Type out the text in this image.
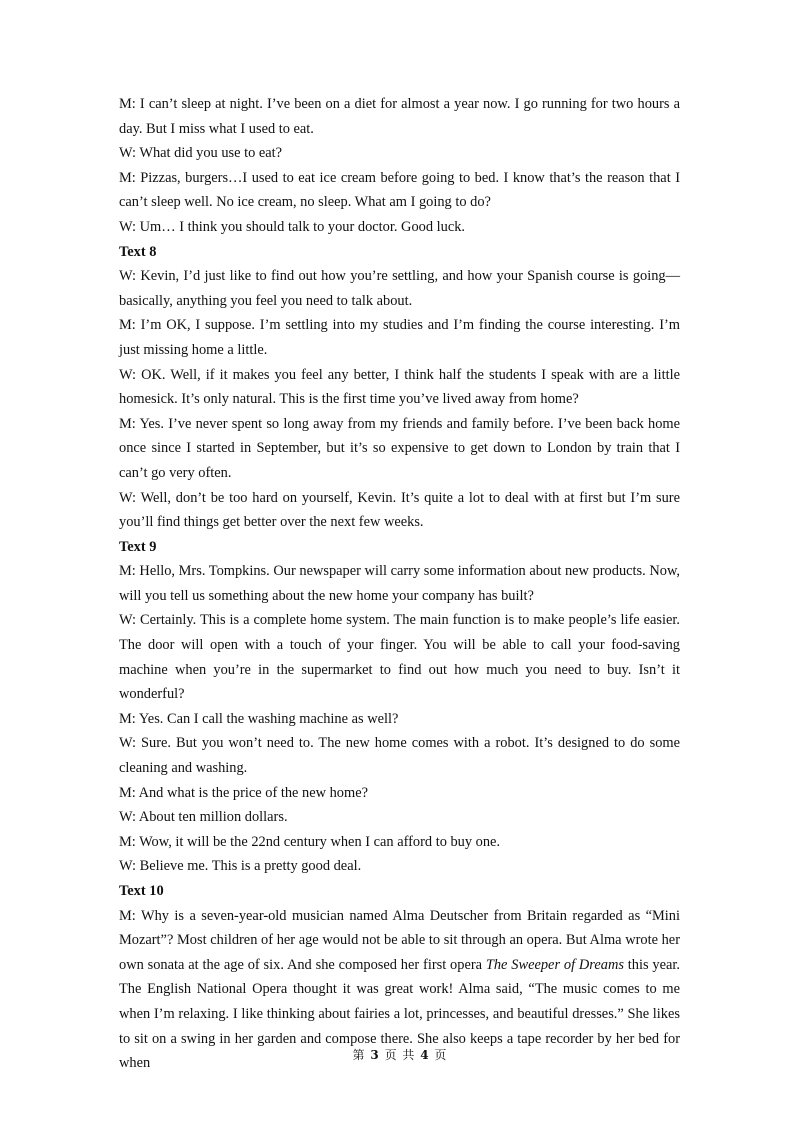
M: I can’t sleep at night. I’ve been on a diet for almost a year now. I go running for two hours a day. But I miss what I used to eat.

W: What did you use to eat?

M: Pizzas, burgers…I used to eat ice cream before going to bed. I know that’s the reason that I can’t sleep well. No ice cream, no sleep. What am I going to do?

W: Um… I think you should talk to your doctor. Good luck.

Text 8

W: Kevin, I’d just like to find out how you’re settling, and how your Spanish course is going—basically, anything you feel you need to talk about.

M: I’m OK, I suppose. I’m settling into my studies and I’m finding the course interesting. I’m just missing home a little.

W: OK. Well, if it makes you feel any better, I think half the students I speak with are a little homesick. It’s only natural. This is the first time you’ve lived away from home?

M: Yes. I’ve never spent so long away from my friends and family before. I’ve been back home once since I started in September, but it’s so expensive to get down to London by train that I can’t go very often.

W: Well, don’t be too hard on yourself, Kevin. It’s quite a lot to deal with at first but I’m sure you’ll find things get better over the next few weeks.

Text 9

M: Hello, Mrs. Tompkins. Our newspaper will carry some information about new products. Now, will you tell us something about the new home your company has built?

W: Certainly. This is a complete home system. The main function is to make people’s life easier. The door will open with a touch of your finger. You will be able to call your food-saving machine when you’re in the supermarket to find out how much you need to buy. Isn’t it wonderful?

M: Yes. Can I call the washing machine as well?

W: Sure. But you won’t need to. The new home comes with a robot. It’s designed to do some cleaning and washing.

M: And what is the price of the new home?

W: About ten million dollars.

M: Wow, it will be the 22nd century when I can afford to buy one.

W: Believe me. This is a pretty good deal.

Text 10

M: Why is a seven-year-old musician named Alma Deutscher from Britain regarded as “Mini Mozart”? Most children of her age would not be able to sit through an opera. But Alma wrote her own sonata at the age of six. And she composed her first opera The Sweeper of Dreams this year. The English National Opera thought it was great work! Alma said, “The music comes to me when I’m relaxing. I like thinking about fairies a lot, princesses, and beautiful dresses.” She likes to sit on a swing in her garden and compose there. She also keeps a tape recorder by her bed for when

第 3 页 共 4 页
